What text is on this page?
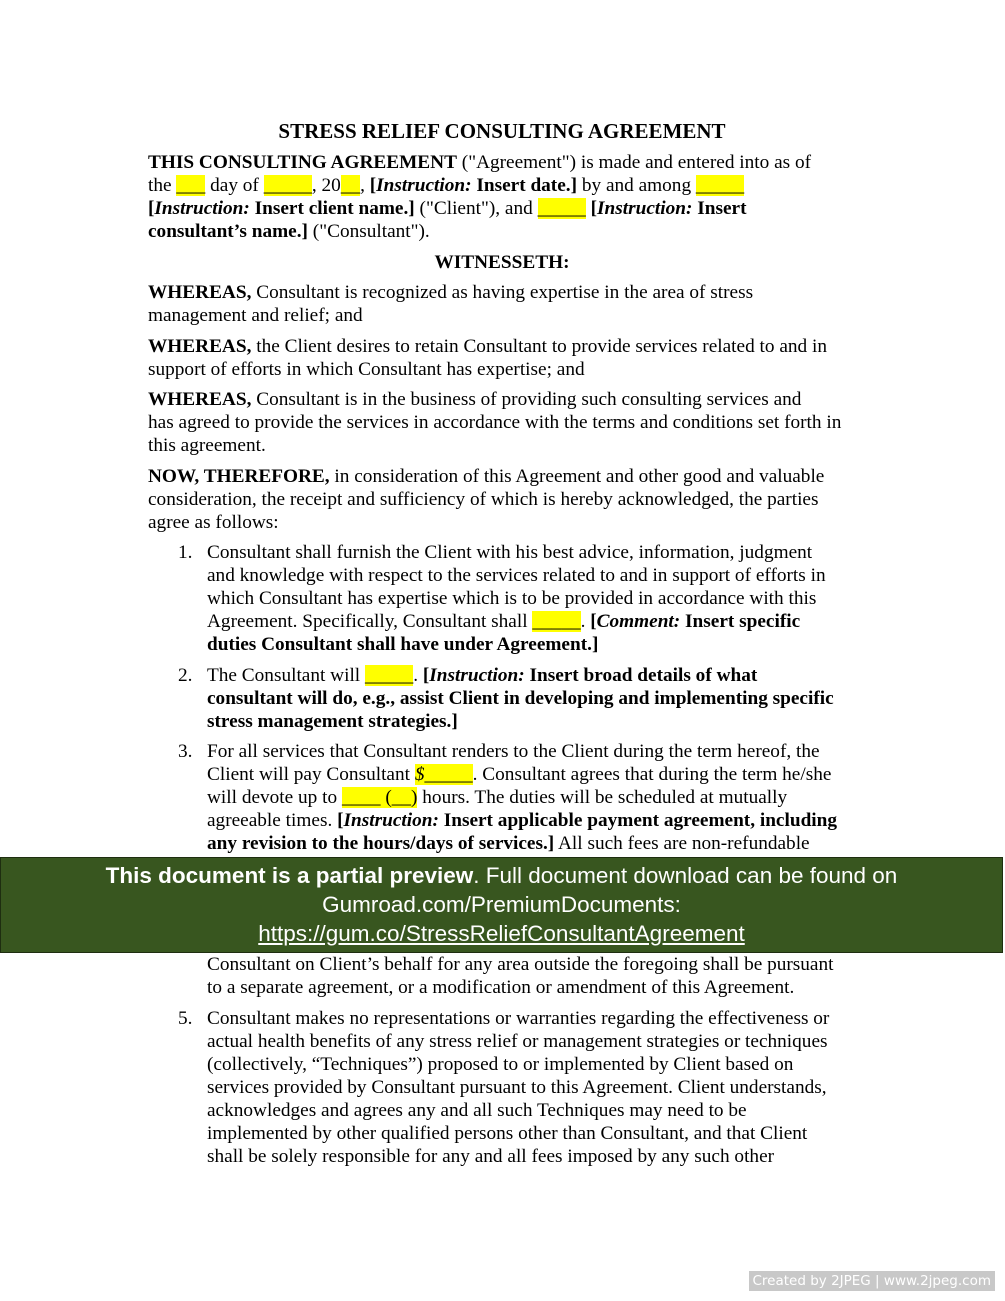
STRESS RELIEF CONSULTING AGREEMENT
THIS CONSULTING AGREEMENT ("Agreement") is made and entered into as of
the ___ day of _____, 20__, [Instruction: Insert date.] by and among _____
[Instruction: Insert client name.] ("Client"), and _____ [Instruction: Insert
consultant’s name.] ("Consultant").
WITNESSETH:
WHEREAS, Consultant is recognized as having expertise in the area of stress
management and relief; and
WHEREAS, the Client desires to retain Consultant to provide services related to and in
support of efforts in which Consultant has expertise; and
WHEREAS, Consultant is in the business of providing such consulting services and
has agreed to provide the services in accordance with the terms and conditions set forth in
this agreement.
NOW, THEREFORE, in consideration of this Agreement and other good and valuable
consideration, the receipt and sufficiency of which is hereby acknowledged, the parties
agree as follows:
1. Consultant shall furnish the Client with his best advice, information, judgment
and knowledge with respect to the services related to and in support of efforts in
which Consultant has expertise which is to be provided in accordance with this
Agreement. Specifically, Consultant shall _____. [Comment: Insert specific
duties Consultant shall have under Agreement.]
2. The Consultant will _____. [Instruction: Insert broad details of what
consultant will do, e.g., assist Client in developing and implementing specific
stress management strategies.]
3. For all services that Consultant renders to the Client during the term hereof, the
Client will pay Consultant $_____. Consultant agrees that during the term he/she
will devote up to ____ (__) hours. The duties will be scheduled at mutually
agreeable times. [Instruction: Insert applicable payment agreement, including
any revision to the hours/days of services.] All such fees are non-refundable
Consultant on Client’s behalf for any area outside the foregoing shall be pursuant
to a separate agreement, or a modification or amendment of this Agreement.
5. Consultant makes no representations or warranties regarding the effectiveness or
actual health benefits of any stress relief or management strategies or techniques
(collectively, “Techniques”) proposed to or implemented by Client based on
services provided by Consultant pursuant to this Agreement. Client understands,
acknowledges and agrees any and all such Techniques may need to be
implemented by other qualified persons other than Consultant, and that Client
shall be solely responsible for any and all fees imposed by any such other
This document is a partial preview. Full document download can be found on
Gumroad.com/PremiumDocuments:
https://gum.co/StressReliefConsultantAgreement
Created by 2JPEG | www.2jpeg.com
